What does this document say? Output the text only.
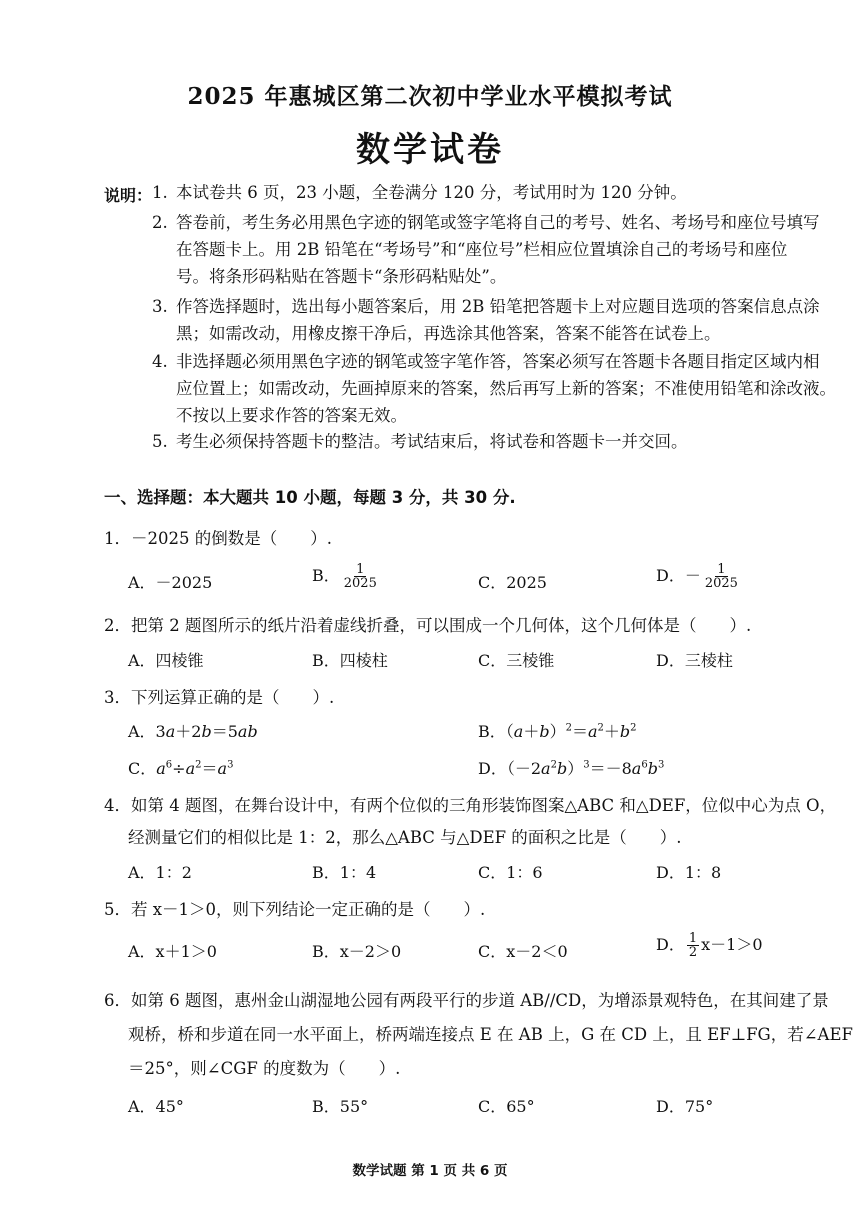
2025 年惠城区第二次初中学业水平模拟考试
数学试卷
说明： 1. 本试卷共 6 页，23 小题，全卷满分 120 分，考试用时为 120 分钟。
2. 答卷前，考生务必用黑色字迹的钢笔或签字笔将自己的考号、姓名、考场号和座位号填写
在答题卡上。用 2B 铅笔在“考场号”和“座位号”栏相应位置填涂自己的考场号和座位
号。将条形码粘贴在答题卡“条形码粘贴处”。
3. 作答选择题时，选出每小题答案后，用 2B 铅笔把答题卡上对应题目选项的答案信息点涂
黑；如需改动，用橡皮擦干净后，再选涂其他答案，答案不能答在试卷上。
4. 非选择题必须用黑色字迹的钢笔或签字笔作答，答案必须写在答题卡各题目指定区域内相
应位置上；如需改动，先画掉原来的答案，然后再写上新的答案；不准使用铅笔和涂改液。
不按以上要求作答的答案无效。
5. 考生必须保持答题卡的整洁。考试结束后，将试卷和答题卡一并交回。
一、选择题：本大题共 10 小题，每题 3 分，共 30 分.
1．－2025 的倒数是（　　）.
A．－2025	B． $\frac{1}{2025}$	C．2025	D．－ $\frac{1}{2025}$
2．把第 2 题图所示的纸片沿着虚线折叠，可以围成一个几何体，这个几何体是（　　）.
A．四棱锥	B．四棱柱	C．三棱锥	D．三棱柱
3．下列运算正确的是（　　）.
A．3a＋2b＝5ab	B．$(a+b)^2=a^2+b^2$
C．$a^6\div a^2=a^3$	D．$(-2a^2b)^3=-8a^6b^3$
4．如第 4 题图，在舞台设计中，有两个位似的三角形装饰图案△ABC 和△DEF，位似中心为点 O，
经测量它们的相似比是 1：2，那么△ABC 与△DEF 的面积之比是（　　）.
A．1：2	B．1：4	C．1：6	D．1：8
5．若 x－1＞0，则下列结论一定正确的是（　　）.
A．x＋1＞0	B．x－2＞0	C．x－2＜0	D． $\frac{1}{2} x-1>0$
6．如第 6 题图，惠州金山湖湿地公园有两段平行的步道 AB//CD，为增添景观特色，在其间建了景
观桥，桥和步道在同一水平面上，桥两端连接点 E 在 AB 上，G 在 CD 上，且 EF⊥FG，若∠AEF
＝25°，则∠CGF 的度数为（　　）.
A．45°	B．55°	C．65°	D．75°
数学试题 第 1 页 共 6 页
